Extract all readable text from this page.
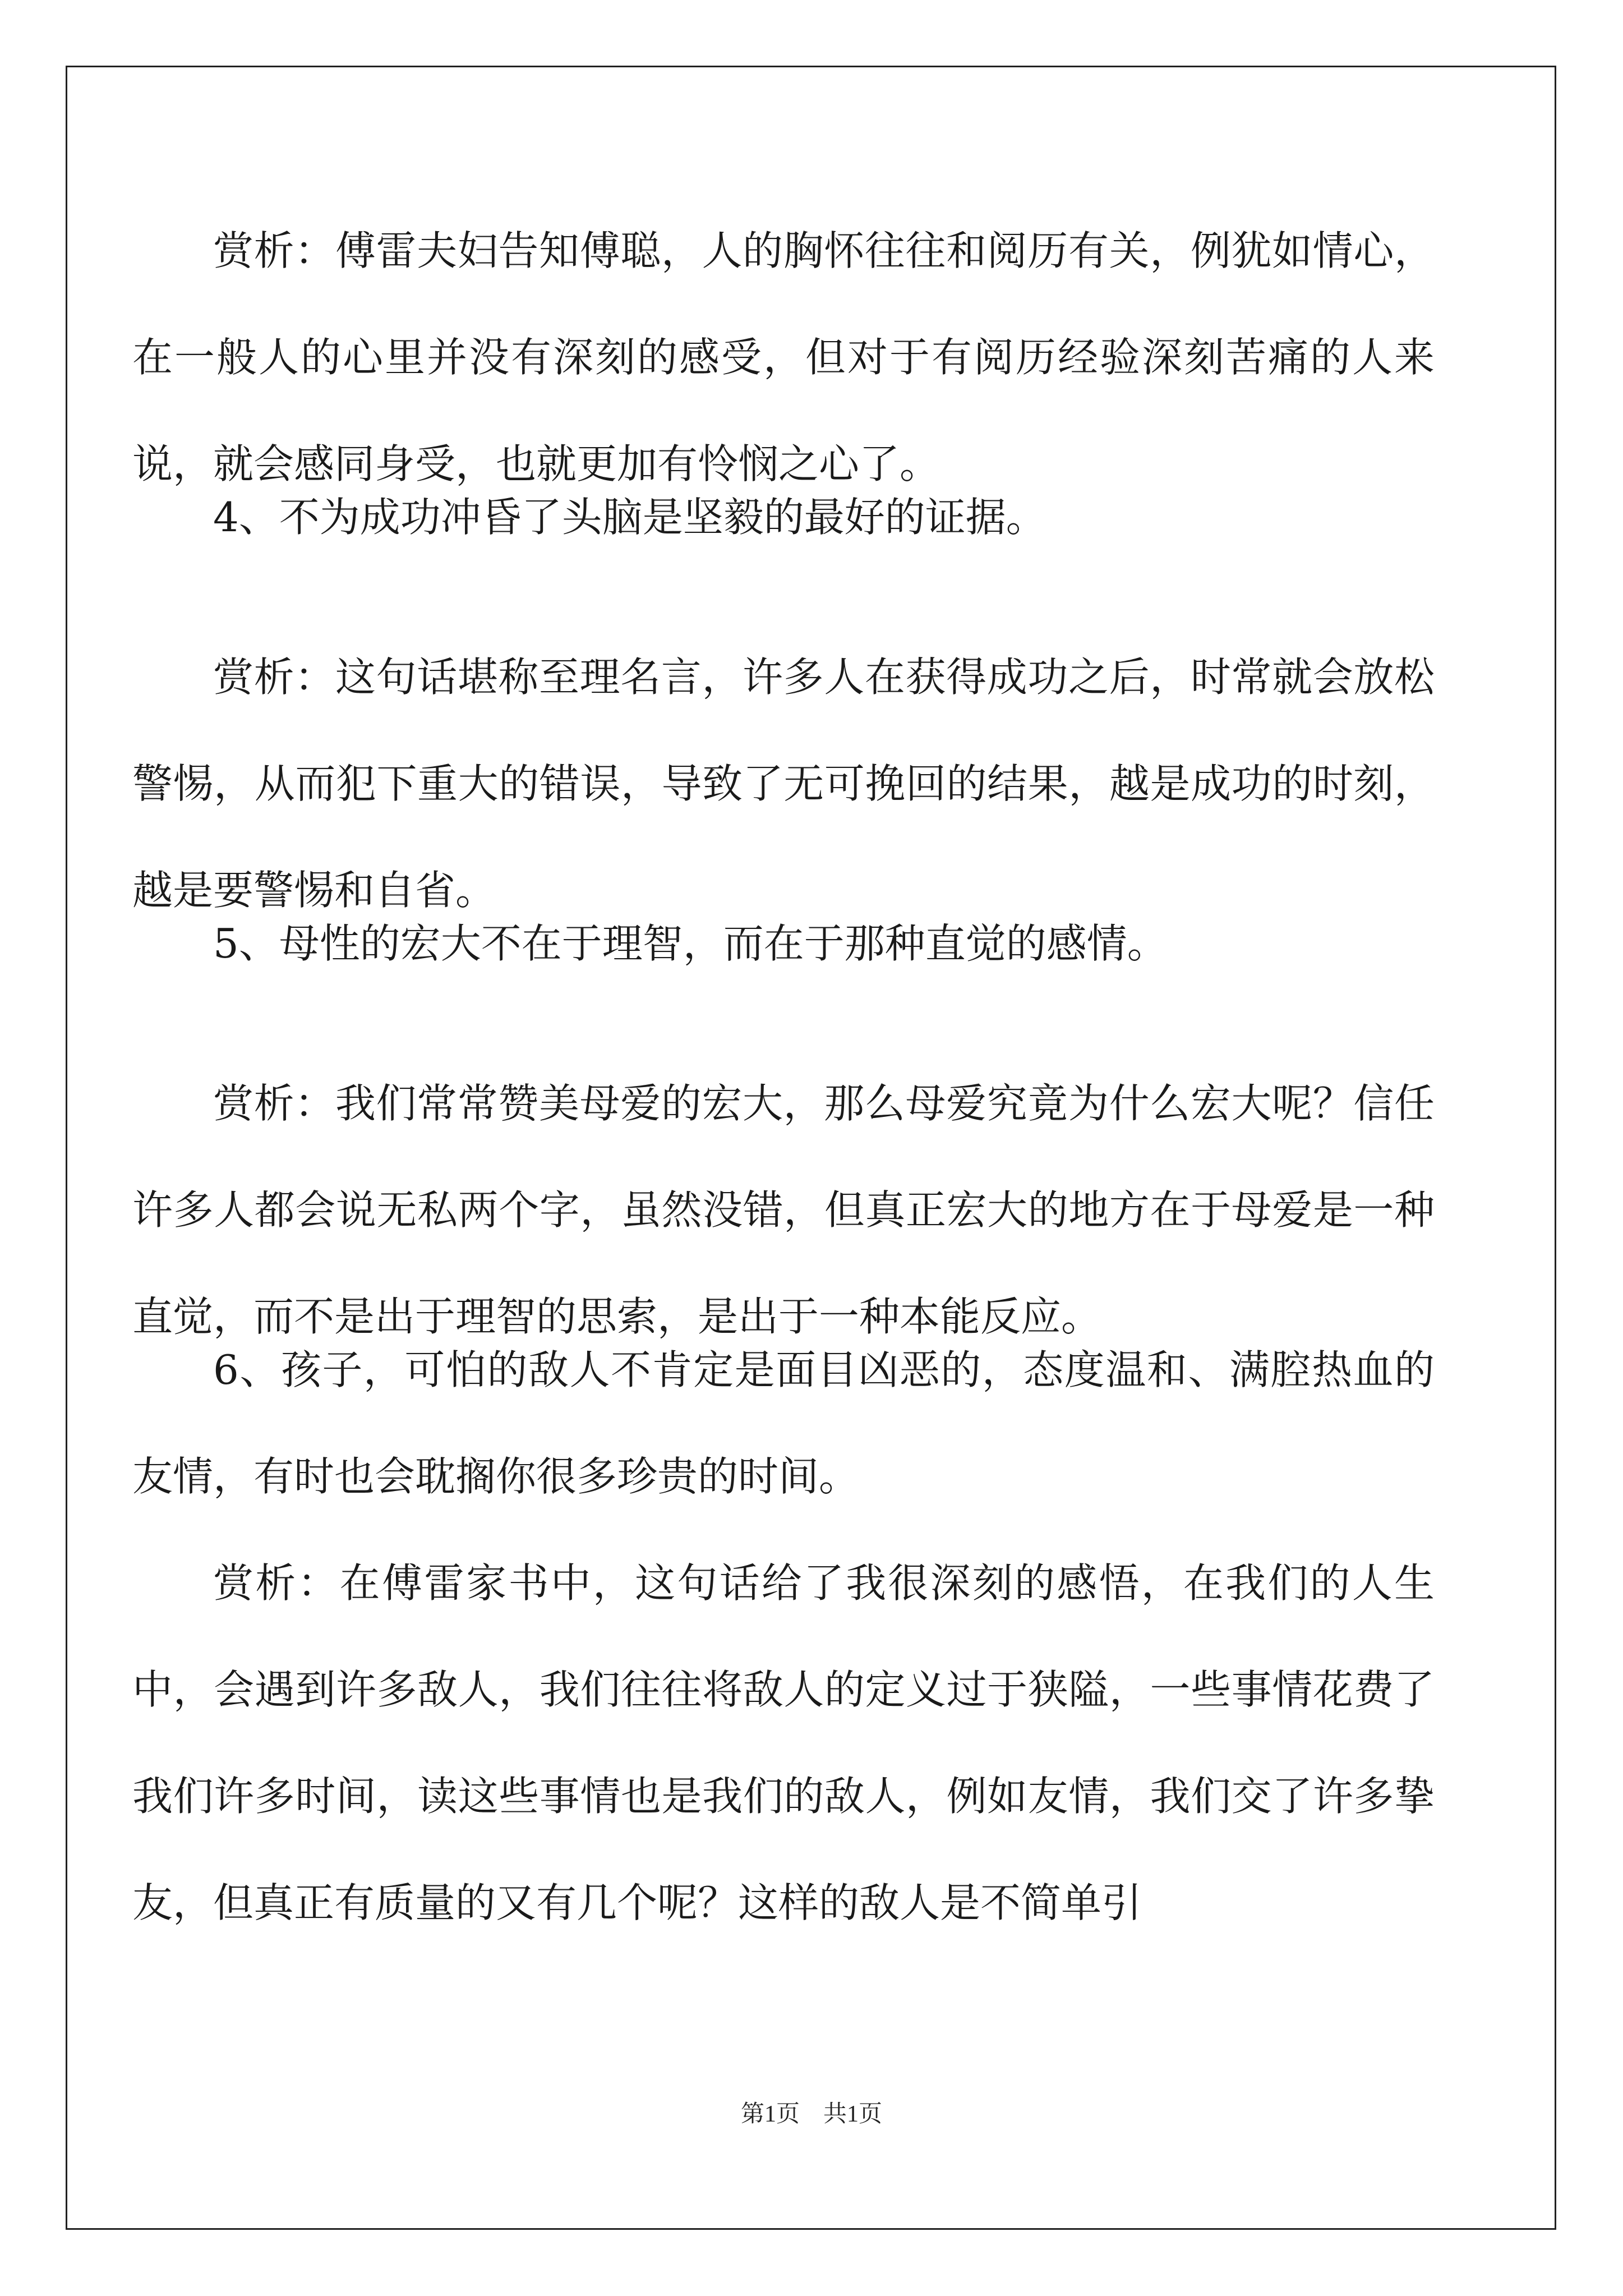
赏析：傅雷夫妇告知傅聪，人的胸怀往往和阅历有关，例犹如情心，在一般人的心里并没有深刻的感受，但对于有阅历经验深刻苦痛的人来说，就会感同身受，也就更加有怜悯之心了。

4、不为成功冲昏了头脑是坚毅的最好的证据。

赏析：这句话堪称至理名言，许多人在获得成功之后，时常就会放松警惕，从而犯下重大的错误，导致了无可挽回的结果，越是成功的时刻，越是要警惕和自省。

5、母性的宏大不在于理智，而在于那种直觉的感情。

赏析：我们常常赞美母爱的宏大，那么母爱究竟为什么宏大呢？信任许多人都会说无私两个字，虽然没错，但真正宏大的地方在于母爱是一种直觉，而不是出于理智的思索，是出于一种本能反应。

6、孩子，可怕的敌人不肯定是面目凶恶的，态度温和、满腔热血的友情，有时也会耽搁你很多珍贵的时间。

赏析：在傅雷家书中，这句话给了我很深刻的感悟，在我们的人生中，会遇到许多敌人，我们往往将敌人的定义过于狭隘，一些事情花费了我们许多时间，读这些事情也是我们的敌人，例如友情，我们交了许多挚友，但真正有质量的又有几个呢？这样的敌人是不简单引

第1页　共1页
